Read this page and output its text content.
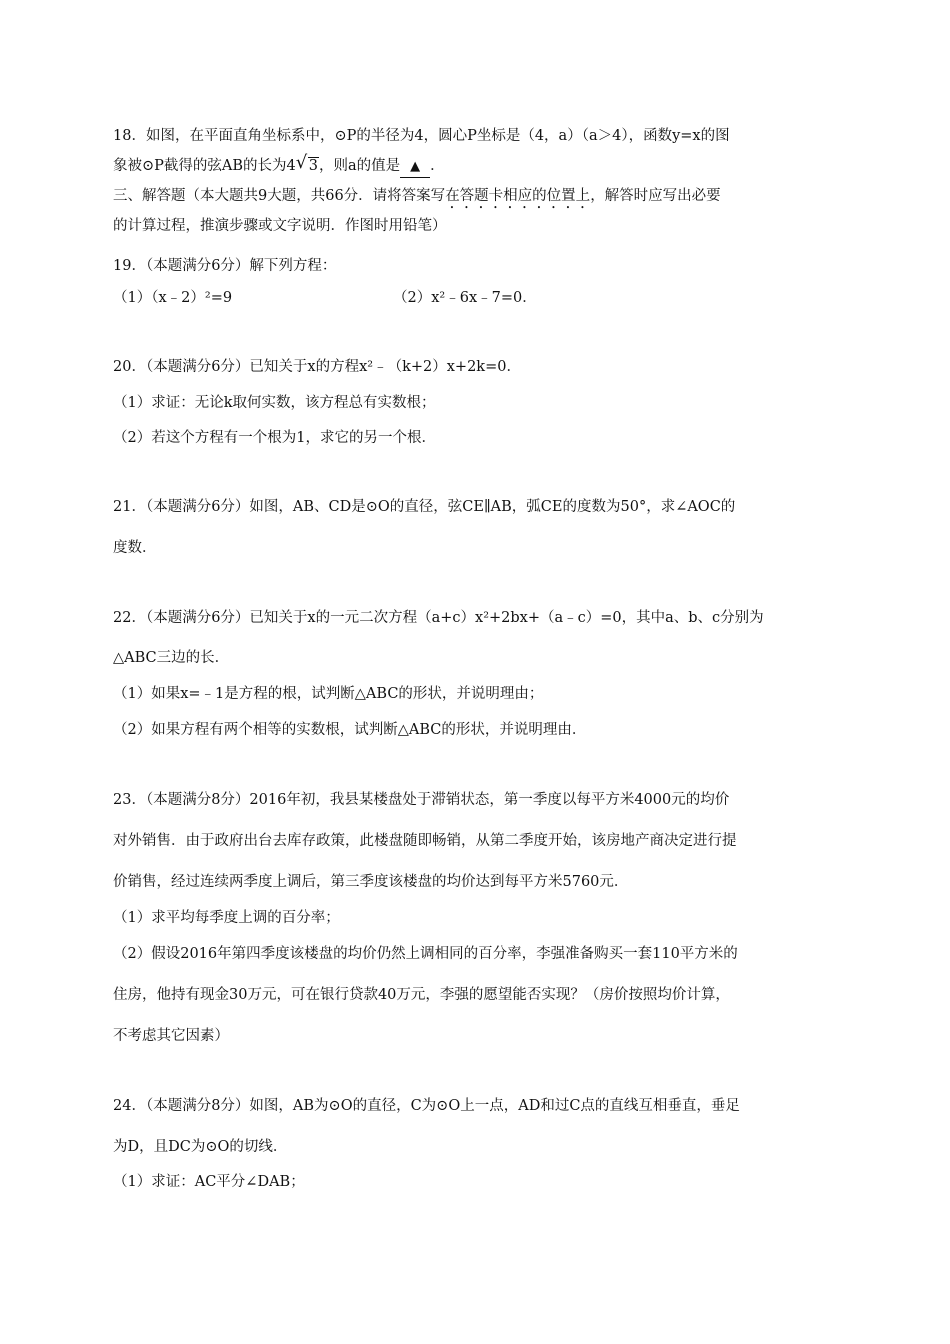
18．如图，在平面直角坐标系中，⊙P的半径为4，圆心P坐标是（4，a）（a＞4），函数y=x的图
象被⊙P截得的弦AB的长为4 √ 3，则a的值是 ▲ ．
三、解答题（本大题共9大题，共66分．请将答案写在答题卡相应的位置上，解答时应写出必要
的计算过程，推演步骤或文字说明．作图时用铅笔）
19．（本题满分6分）解下列方程：
（1）（x﹣2）²=9	（2）x²﹣6x﹣7=0．
20．（本题满分6分）已知关于x的方程x²﹣（k+2）x+2k=0．
（1）求证：无论k取何实数，该方程总有实数根；
（2）若这个方程有一个根为1，求它的另一个根．
21．（本题满分6分）如图，AB、CD是⊙O的直径，弦CE∥AB，弧CE的度数为50°，求∠AOC的
度数．
22．（本题满分6分）已知关于x的一元二次方程（a+c）x²+2bx+（a﹣c）=0，其中a、b、c分别为
△ABC三边的长．
（1）如果x=﹣1是方程的根，试判断△ABC的形状，并说明理由；
（2）如果方程有两个相等的实数根，试判断△ABC的形状，并说明理由．
23．（本题满分8分）2016年初，我县某楼盘处于滞销状态，第一季度以每平方米4000元的均价
对外销售．由于政府出台去库存政策，此楼盘随即畅销，从第二季度开始，该房地产商决定进行提
价销售，经过连续两季度上调后，第三季度该楼盘的均价达到每平方米5760元．
（1）求平均每季度上调的百分率；
（2）假设2016年第四季度该楼盘的均价仍然上调相同的百分率，李强准备购买一套110平方米的
住房，他持有现金30万元，可在银行贷款40万元，李强的愿望能否实现？（房价按照均价计算，
不考虑其它因素）
24．（本题满分8分）如图，AB为⊙O的直径，C为⊙O上一点，AD和过C点的直线互相垂直，垂足
为D，且DC为⊙O的切线．
（1）求证：AC平分∠DAB；
